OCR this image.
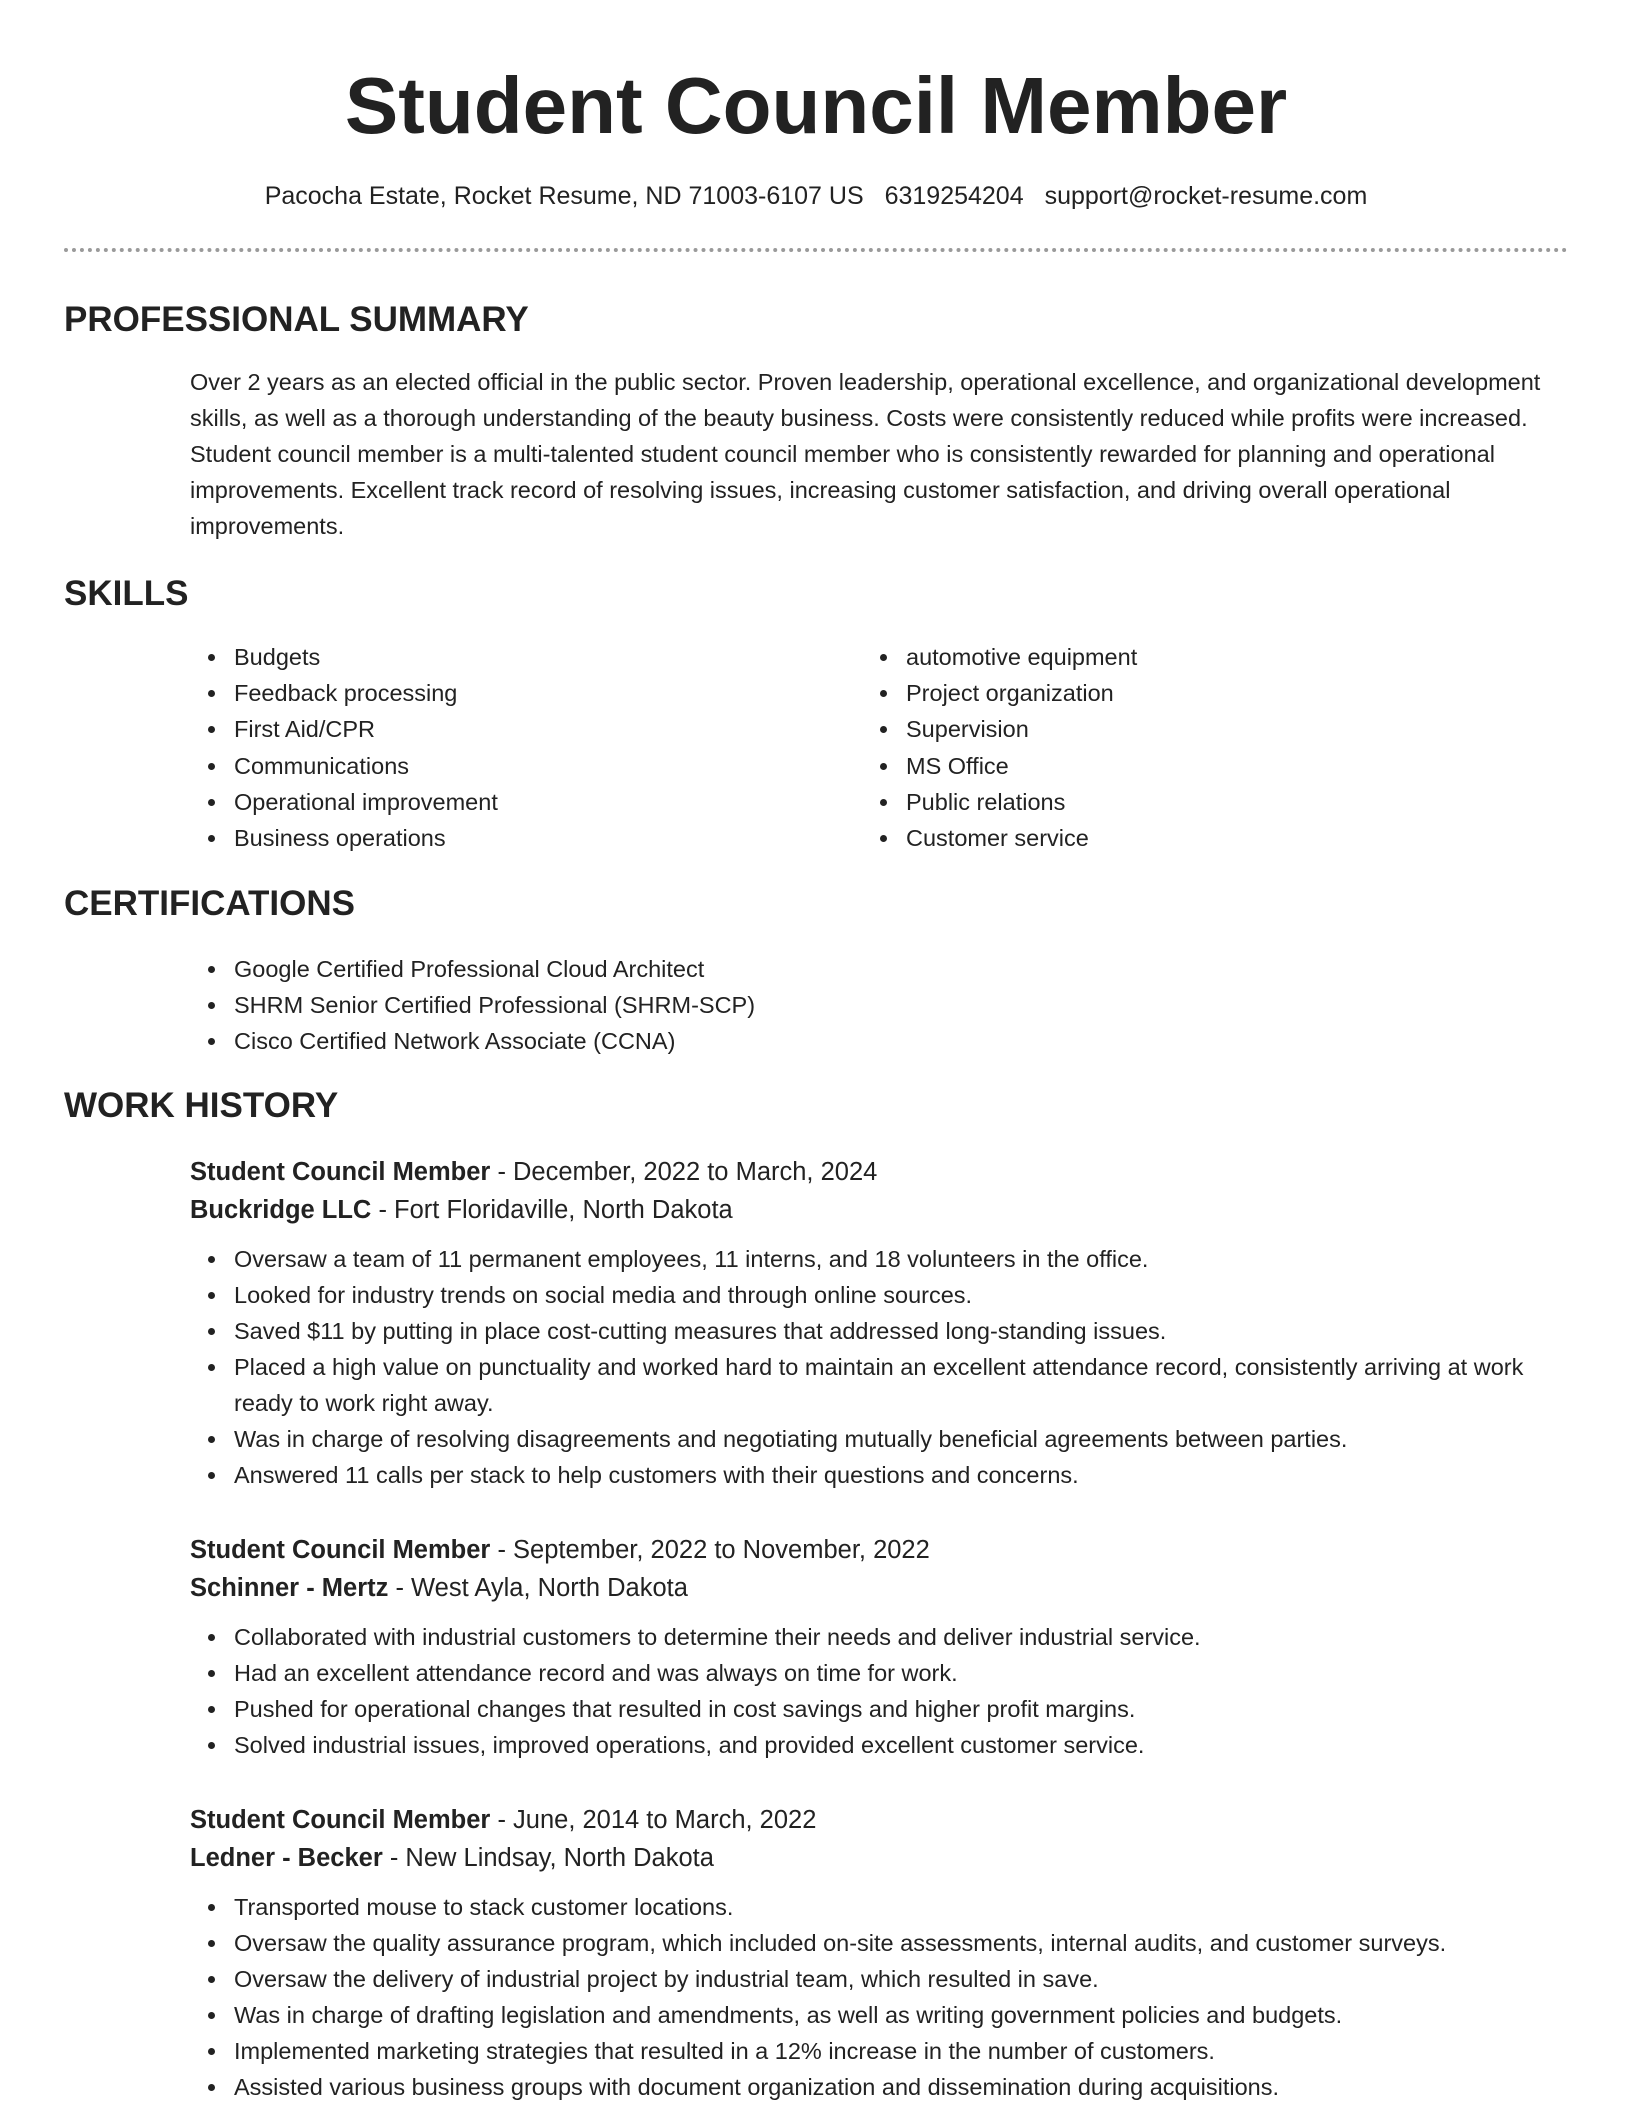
Student Council Member
Pacocha Estate, Rocket Resume, ND 71003-6107 US 6319254204 support@rocket-resume.com
PROFESSIONAL SUMMARY

Over 2 years as an elected official in the public sector. Proven leadership, operational excellence, and organizational development skills, as well as a thorough understanding of the beauty business. Costs were consistently reduced while profits were increased. Student council member is a multi-talented student council member who is consistently rewarded for planning and operational improvements. Excellent track record of resolving issues, increasing customer satisfaction, and driving overall operational improvements.

SKILLS
Budgets
Feedback processing
First Aid/CPR
Communications
Operational improvement
Business operations
automotive equipment
Project organization
Supervision
MS Office
Public relations
Customer service
CERTIFICATIONS
Google Certified Professional Cloud Architect
SHRM Senior Certified Professional (SHRM-SCP)
Cisco Certified Network Associate (CCNA)
WORK HISTORY

Student Council Member - December, 2022 to March, 2024

Buckridge LLC - Fort Floridaville, North Dakota

Oversaw a team of 11 permanent employees, 11 interns, and 18 volunteers in the office.
Looked for industry trends on social media and through online sources.
Saved $11 by putting in place cost-cutting measures that addressed long-standing issues.
Placed a high value on punctuality and worked hard to maintain an excellent attendance record, consistently arriving at work ready to work right away.
Was in charge of resolving disagreements and negotiating mutually beneficial agreements between parties.
Answered 11 calls per stack to help customers with their questions and concerns.

Student Council Member - September, 2022 to November, 2022

Schinner - Mertz - West Ayla, North Dakota

Collaborated with industrial customers to determine their needs and deliver industrial service.
Had an excellent attendance record and was always on time for work.
Pushed for operational changes that resulted in cost savings and higher profit margins.
Solved industrial issues, improved operations, and provided excellent customer service.

Student Council Member - June, 2014 to March, 2022

Ledner - Becker - New Lindsay, North Dakota

Transported mouse to stack customer locations.
Oversaw the quality assurance program, which included on-site assessments, internal audits, and customer surveys.
Oversaw the delivery of industrial project by industrial team, which resulted in save.
Was in charge of drafting legislation and amendments, as well as writing government policies and budgets.
Implemented marketing strategies that resulted in a 12% increase in the number of customers.
Assisted various business groups with document organization and dissemination during acquisitions.
